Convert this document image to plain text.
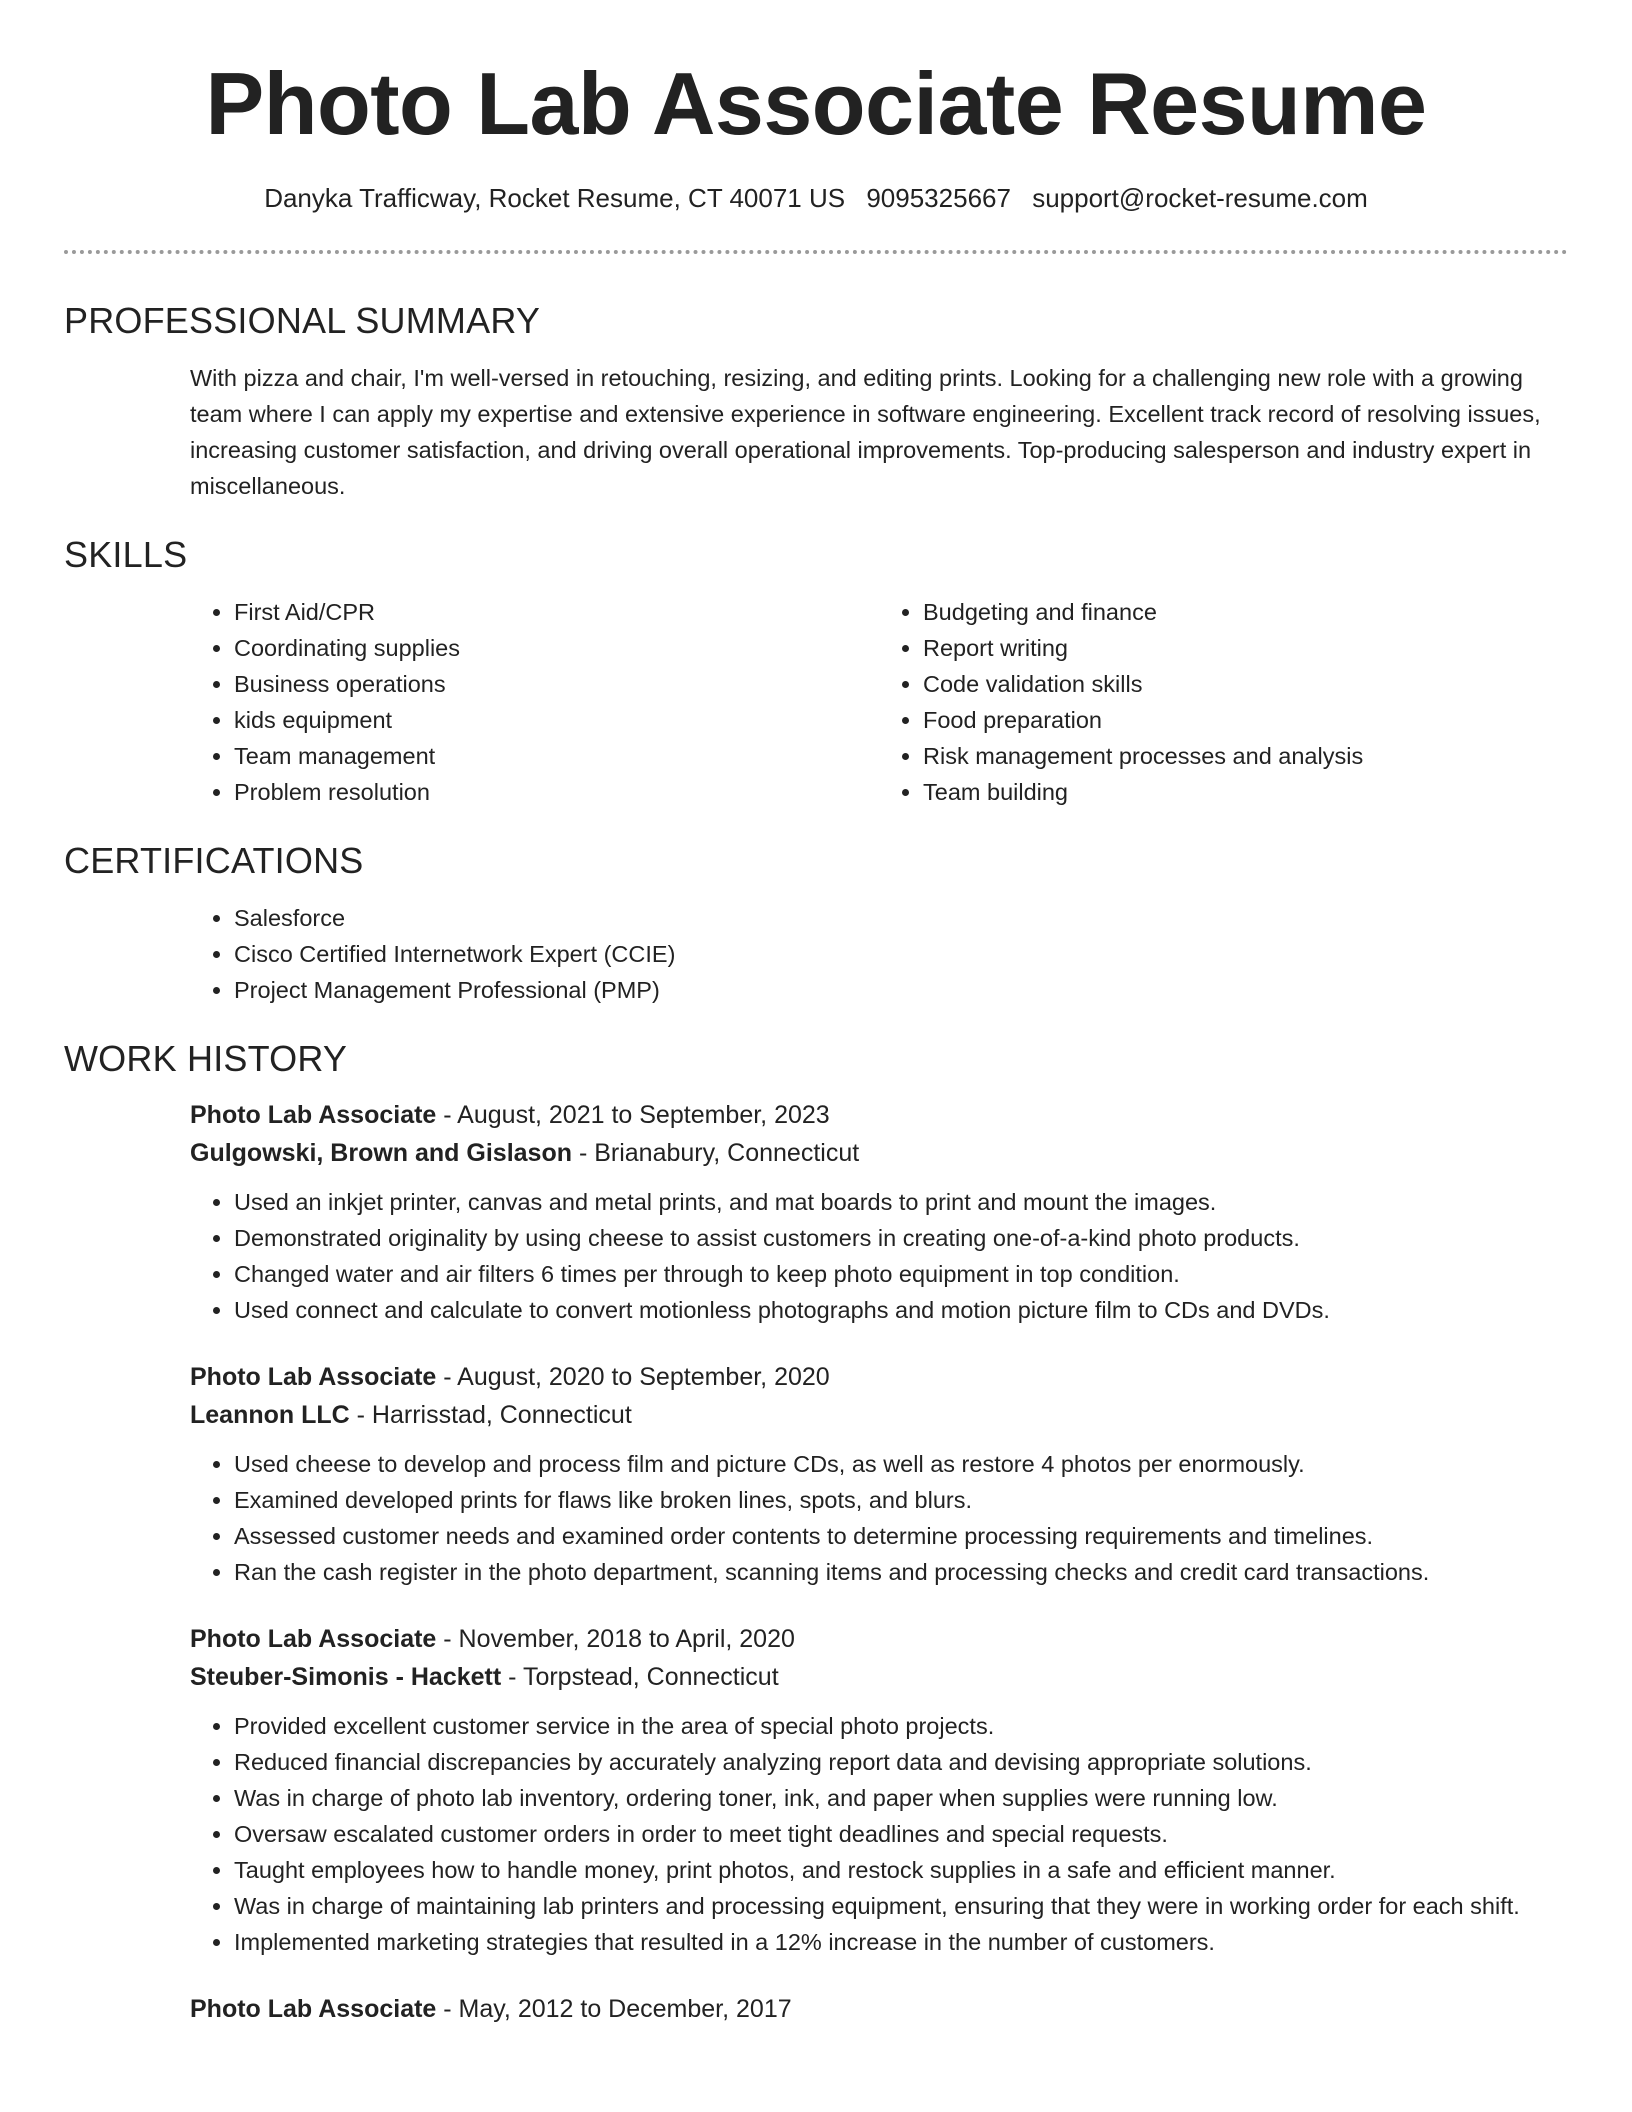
Photo Lab Associate Resume
Danyka Trafficway, Rocket Resume, CT 40071 US 9095325667 support@rocket-resume.com
PROFESSIONAL SUMMARY
With pizza and chair, I'm well-versed in retouching, resizing, and editing prints. Looking for a challenging new role with a growing team where I can apply my expertise and extensive experience in software engineering. Excellent track record of resolving issues, increasing customer satisfaction, and driving overall operational improvements. Top-producing salesperson and industry expert in miscellaneous.
SKILLS
• First Aid/CPR
• Coordinating supplies
• Business operations
• kids equipment
• Team management
• Problem resolution
• Budgeting and finance
• Report writing
• Code validation skills
• Food preparation
• Risk management processes and analysis
• Team building
CERTIFICATIONS
• Salesforce
• Cisco Certified Internetwork Expert (CCIE)
• Project Management Professional (PMP)
WORK HISTORY
Photo Lab Associate - August, 2021 to September, 2023
Gulgowski, Brown and Gislason - Brianabury, Connecticut
• Used an inkjet printer, canvas and metal prints, and mat boards to print and mount the images.
• Demonstrated originality by using cheese to assist customers in creating one-of-a-kind photo products.
• Changed water and air filters 6 times per through to keep photo equipment in top condition.
• Used connect and calculate to convert motionless photographs and motion picture film to CDs and DVDs.
Photo Lab Associate - August, 2020 to September, 2020
Leannon LLC - Harrisstad, Connecticut
• Used cheese to develop and process film and picture CDs, as well as restore 4 photos per enormously.
• Examined developed prints for flaws like broken lines, spots, and blurs.
• Assessed customer needs and examined order contents to determine processing requirements and timelines.
• Ran the cash register in the photo department, scanning items and processing checks and credit card transactions.
Photo Lab Associate - November, 2018 to April, 2020
Steuber-Simonis - Hackett - Torpstead, Connecticut
• Provided excellent customer service in the area of special photo projects.
• Reduced financial discrepancies by accurately analyzing report data and devising appropriate solutions.
• Was in charge of photo lab inventory, ordering toner, ink, and paper when supplies were running low.
• Oversaw escalated customer orders in order to meet tight deadlines and special requests.
• Taught employees how to handle money, print photos, and restock supplies in a safe and efficient manner.
• Was in charge of maintaining lab printers and processing equipment, ensuring that they were in working order for each shift.
• Implemented marketing strategies that resulted in a 12% increase in the number of customers.
Photo Lab Associate - May, 2012 to December, 2017
